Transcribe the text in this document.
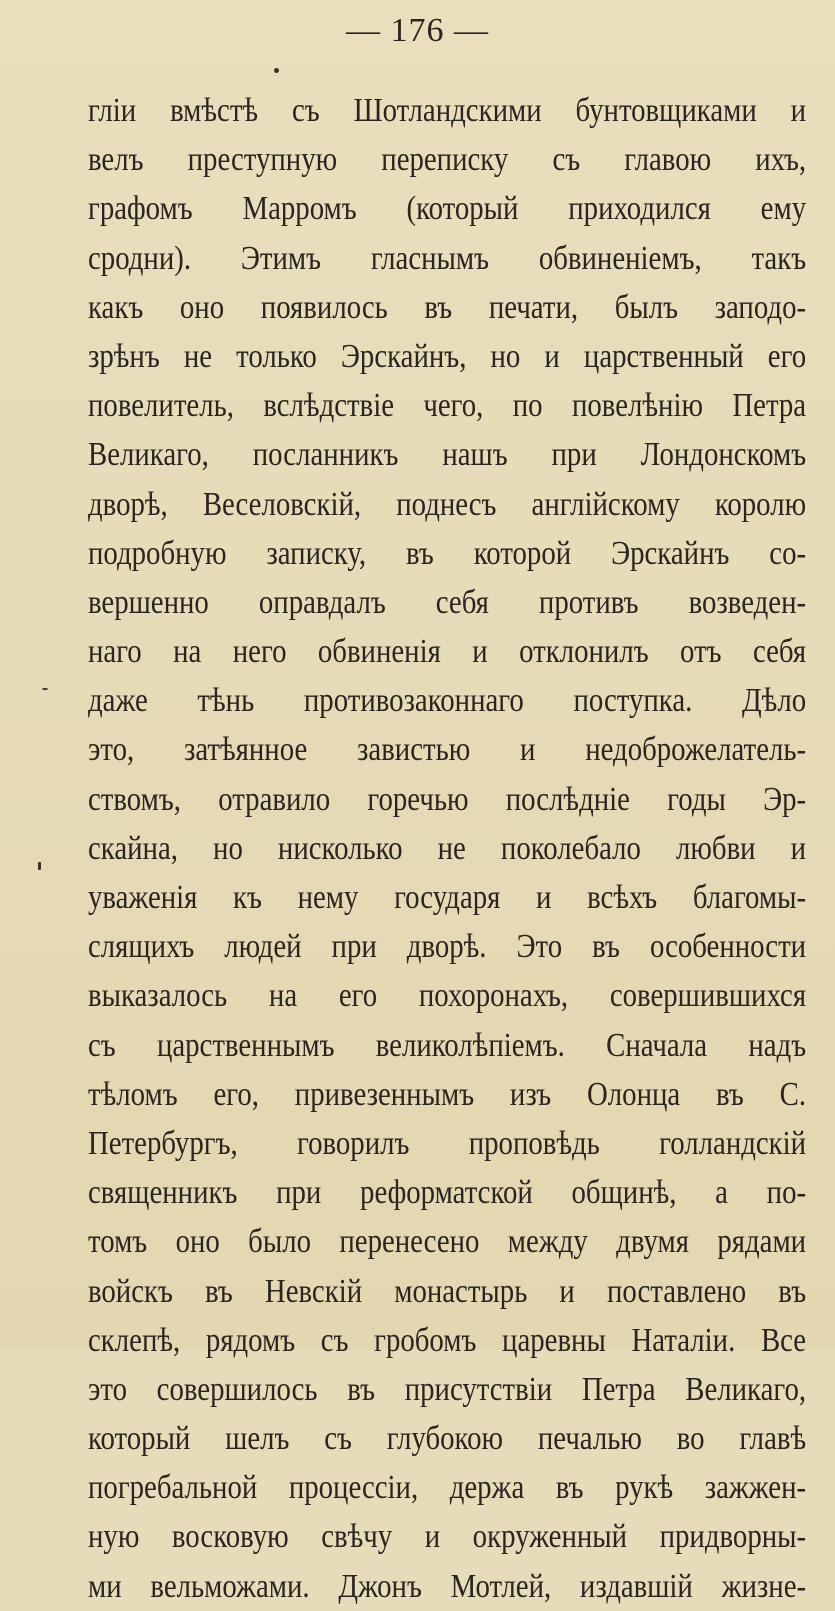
— 176 —
гліи вмѣстѣ съ Шотландскими бунтовщиками и
велъ преступную переписку съ главою ихъ,
графомъ Марромъ (который приходился ему
сродни). Этимъ гласнымъ обвиненіемъ, такъ
какъ оно появилось въ печати, былъ заподо-
зрѣнъ не только Эрскайнъ, но и царственный его
повелитель, вслѣдствіе чего, по повелѣнію Петра
Великаго, посланникъ нашъ при Лондонскомъ
дворѣ, Веселовскій, поднесъ англійскому королю
подробную записку, въ которой Эрскайнъ со-
вершенно оправдалъ себя противъ возведен-
наго на него обвиненія и отклонилъ отъ себя
даже тѣнь противозаконнаго поступка. Дѣло
это, затѣянное завистью и недоброжелатель-
ствомъ, отравило горечью послѣдніе годы Эр-
скайна, но нисколько не поколебало любви и
уваженія къ нему государя и всѣхъ благомы-
слящихъ людей при дворѣ. Это въ особенности
выказалось на его похоронахъ, совершившихся
съ царственнымъ великолѣпіемъ. Сначала надъ
тѣломъ его, привезеннымъ изъ Олонца въ С.
Петербургъ, говорилъ проповѣдь голландскій
священникъ при реформатской общинѣ, а по-
томъ оно было перенесено между двумя рядами
войскъ въ Невскій монастырь и поставлено въ
склепѣ, рядомъ съ гробомъ царевны Наталіи. Все
это совершилось въ присутствіи Петра Великаго,
который шелъ съ глубокою печалью во главѣ
погребальной процессіи, держа въ рукѣ зажжен-
ную восковую свѣчу и окруженный придворны-
ми вельможами. Джонъ Мотлей, издавшій жизне-
